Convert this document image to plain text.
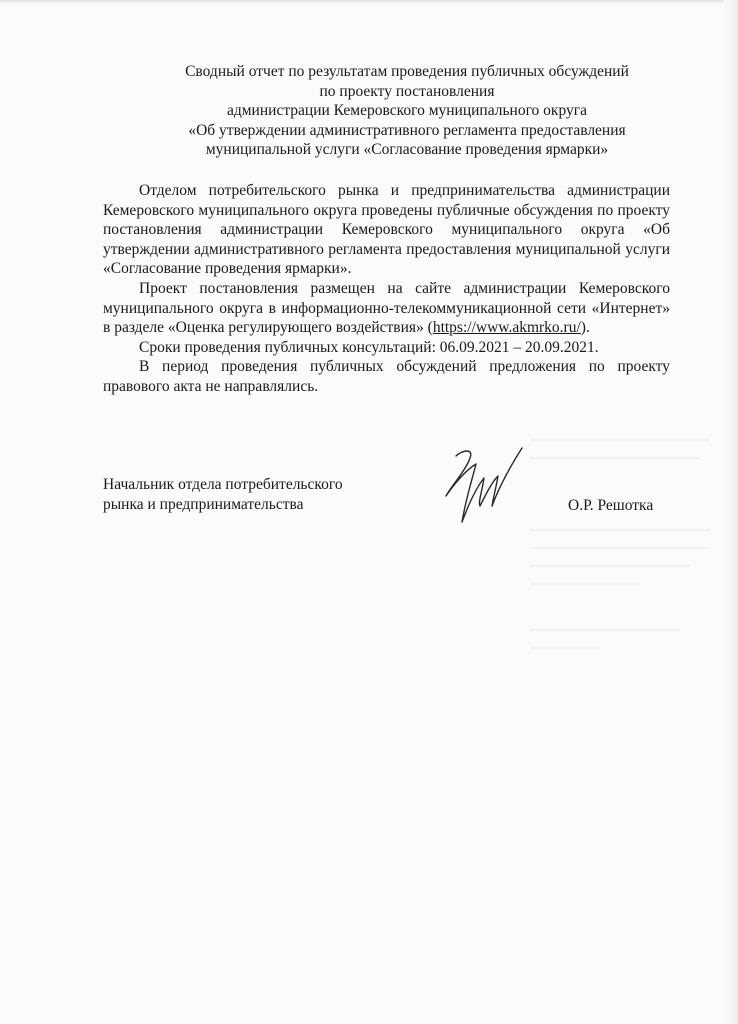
Сводный отчет по результатам проведения публичных обсуждений
по проекту постановления
администрации Кемеровского муниципального округа
«Об утверждении административного регламента предоставления
муниципальной услуги «Согласование проведения ярмарки»

Отделом потребительского рынка и предпринимательства администрации Кемеровского муниципального округа проведены публичные обсуждения по проекту постановления администрации Кемеровского муниципального округа «Об утверждении административного регламента предоставления муниципальной услуги «Согласование проведения ярмарки».

Проект постановления размещен на сайте администрации Кемеровского муниципального округа в информационно-телекоммуникационной сети «Интернет» в разделе «Оценка регулирующего воздействия» (https://www.akmrko.ru/).

Сроки проведения публичных консультаций: 06.09.2021 – 20.09.2021.

В период проведения публичных обсуждений предложения по проекту правового акта не направлялись.

Начальник отдела потребительского
рынка и предпринимательства	О.Р. Решотка
